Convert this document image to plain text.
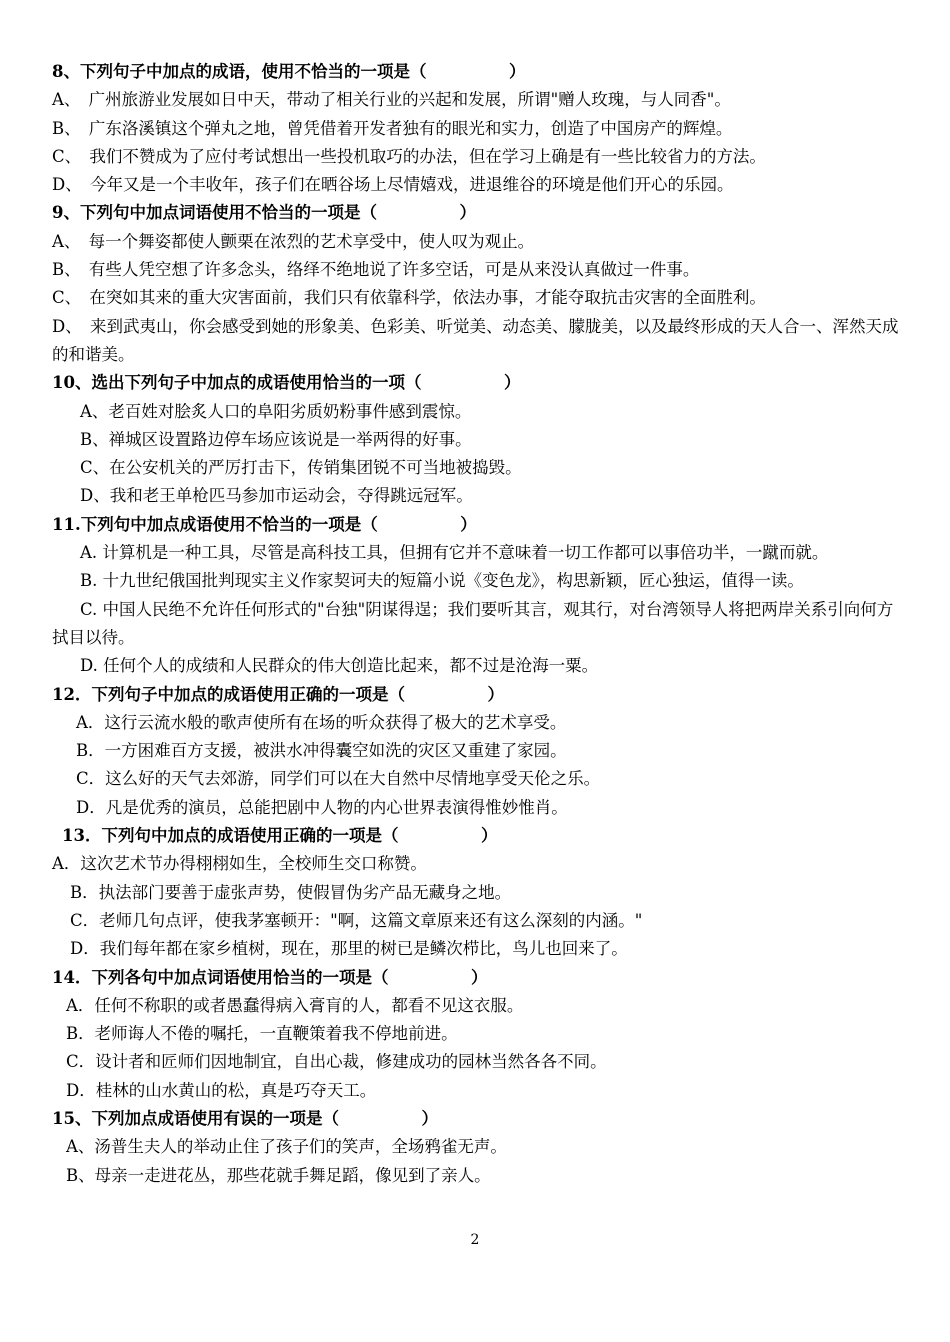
8、下列句子中加点的成语，使用不恰当的一项是（　　　　　）
A、　广州旅游业发展如日中天，带动了相关行业的兴起和发展，所谓"赠人玫瑰，与人同香"。
B、　广东洛溪镇这个弹丸之地，曾凭借着开发者独有的眼光和实力，创造了中国房产的辉煌。
C、　我们不赞成为了应付考试想出一些投机取巧的办法，但在学习上确是有一些比较省力的方法。
D、　今年又是一个丰收年，孩子们在晒谷场上尽情嬉戏，进退维谷的环境是他们开心的乐园。
9、下列句中加点词语使用不恰当的一项是（　　　　　）
A、　每一个舞姿都使人颤栗在浓烈的艺术享受中，使人叹为观止。
B、　有些人凭空想了许多念头，络绎不绝地说了许多空话，可是从来没认真做过一件事。
C、　在突如其来的重大灾害面前，我们只有依靠科学，依法办事，才能夺取抗击灾害的全面胜利。
D、　来到武夷山，你会感受到她的形象美、色彩美、听觉美、动态美、朦胧美，以及最终形成的天人合一、浑然天成的和谐美。
10、选出下列句子中加点的成语使用恰当的一项（　　　　　）
A、老百姓对脍炙人口的阜阳劣质奶粉事件感到震惊。
B、禅城区设置路边停车场应该说是一举两得的好事。
C、在公安机关的严厉打击下，传销集团锐不可当地被捣毁。
D、我和老王单枪匹马参加市运动会，夺得跳远冠军。
11.下列句中加点成语使用不恰当的一项是（　　　　　）
A. 计算机是一种工具，尽管是高科技工具，但拥有它并不意味着一切工作都可以事倍功半，一蹴而就。
B. 十九世纪俄国批判现实主义作家契诃夫的短篇小说《变色龙》，构思新颖，匠心独运，值得一读。
C. 中国人民绝不允许任何形式的"台独"阴谋得逞；我们要听其言，观其行，对台湾领导人将把两岸关系引向何方拭目以待。
D. 任何个人的成绩和人民群众的伟大创造比起来，都不过是沧海一粟。
12．下列句子中加点的成语使用正确的一项是（　　　　　）
A．这行云流水般的歌声使所有在场的听众获得了极大的艺术享受。
B．一方困难百方支援，被洪水冲得囊空如洗的灾区又重建了家园。
C．这么好的天气去郊游，同学们可以在大自然中尽情地享受天伦之乐。
D．凡是优秀的演员，总能把剧中人物的内心世界表演得惟妙惟肖。
13．下列句中加点的成语使用正确的一项是（　　　　　）
A．这次艺术节办得栩栩如生，全校师生交口称赞。
B．执法部门要善于虚张声势，使假冒伪劣产品无藏身之地。
C．老师几句点评，使我茅塞顿开："啊，这篇文章原来还有这么深刻的内涵。"
D．我们每年都在家乡植树，现在，那里的树已是鳞次栉比，鸟儿也回来了。
14．下列各句中加点词语使用恰当的一项是（　　　　　）
A．任何不称职的或者愚蠢得病入膏肓的人，都看不见这衣服。
B．老师诲人不倦的嘱托，一直鞭策着我不停地前进。
C．设计者和匠师们因地制宜，自出心裁，修建成功的园林当然各各不同。
D．桂林的山水黄山的松，真是巧夺天工。
15、下列加点成语使用有误的一项是（　　　　　）
A、汤普生夫人的举动止住了孩子们的笑声，全场鸦雀无声。
B、母亲一走进花丛，那些花就手舞足蹈，像见到了亲人。
2
